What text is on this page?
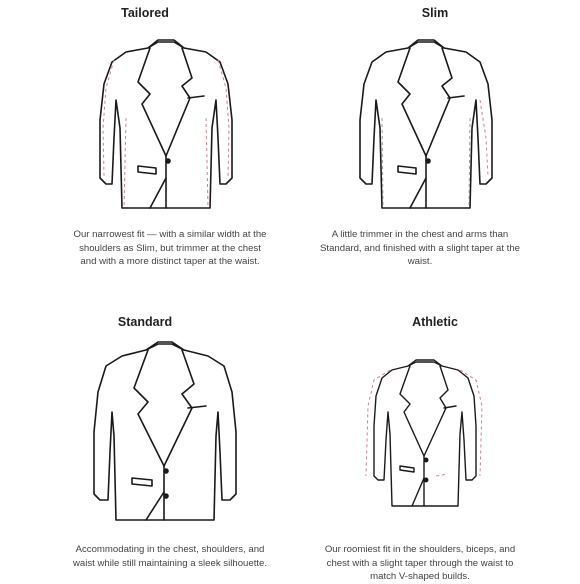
Tailored
Our narrowest fit — with a similar width at the shoulders as Slim, but trimmer at the chest and with a more distinct taper at the waist.
Slim
A little trimmer in the chest and arms than Standard, and finished with a slight taper at the waist.
Standard
Accommodating in the chest, shoulders, and waist while still maintaining a sleek silhouette.
Athletic
Our roomiest fit in the shoulders, biceps, and chest with a slight taper through the waist to match V-shaped builds.
